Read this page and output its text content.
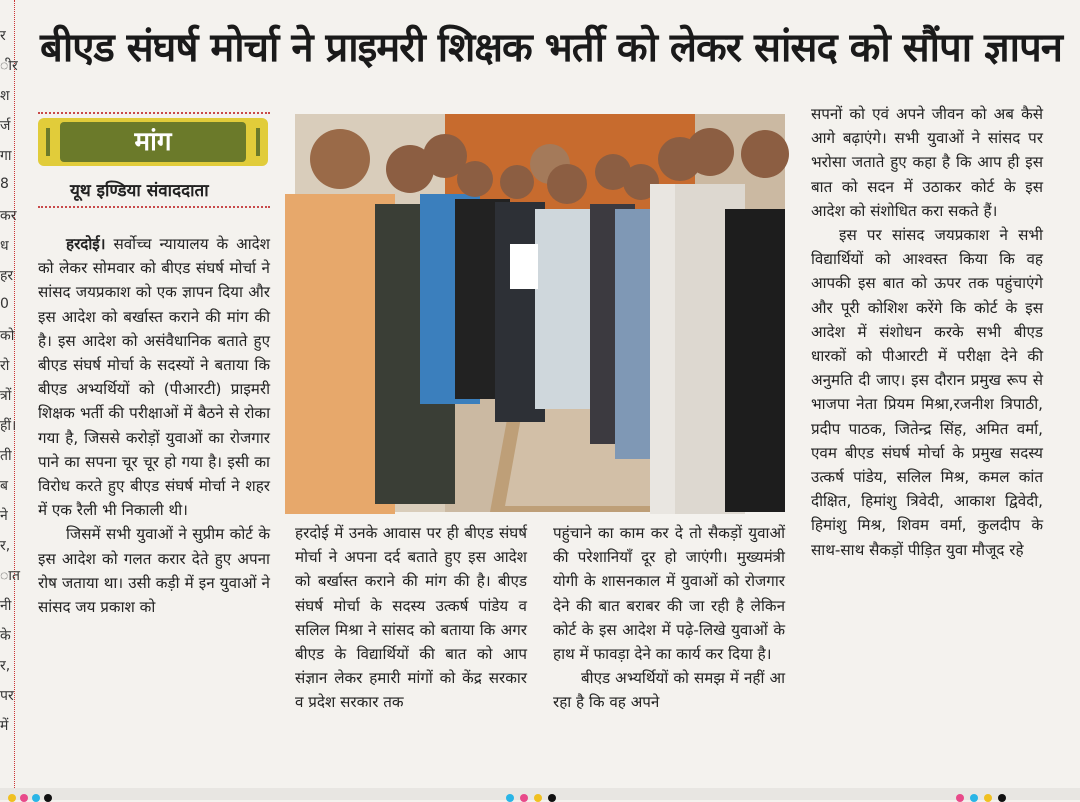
र
ीर
श
र्ज
गा
8
कर
ध
हर
0
को
रो
त्रों
हीं।
ती
ब
ने
र,
ात
नी
के
र,
पर
में
बीएड संघर्ष मोर्चा ने प्राइमरी शिक्षक भर्ती को लेकर सांसद को सौंपा ज्ञापन
मांग
यूथ इण्डिया संवाददाता

हरदोई। सर्वोच्च न्यायालय के आदेश को लेकर सोमवार को बीएड संघर्ष मोर्चा ने सांसद जयप्रकाश को एक ज्ञापन दिया और इस आदेश को बर्खास्त कराने की मांग की है। इस आदेश को असंवैधानिक बताते हुए बीएड संघर्ष मोर्चा के सदस्यों ने बताया कि बीएड अभ्यर्थियों को (पीआरटी) प्राइमरी शिक्षक भर्ती की परीक्षाओं में बैठने से रोका गया है, जिससे करोड़ों युवाओं का रोजगार पाने का सपना चूर चूर हो गया है। इसी का विरोध करते हुए बीएड संघर्ष मोर्चा ने शहर में एक रैली भी निकाली थी।

जिसमें सभी युवाओं ने सुप्रीम कोर्ट के इस आदेश को गलत करार देते हुए अपना रोष जताया था। उसी कड़ी में इन युवाओं ने सांसद जय प्रकाश को

हरदोई में उनके आवास पर ही बीएड संघर्ष मोर्चा ने अपना दर्द बताते हुए इस आदेश को बर्खास्त कराने की मांग की है। बीएड संघर्ष मोर्चा के सदस्य उत्कर्ष पांडेय व सलिल मिश्रा ने सांसद को बताया कि अगर बीएड के विद्यार्थियों की बात को आप संज्ञान लेकर हमारी मांगों को केंद्र सरकार व प्रदेश सरकार तक

पहुंचाने का काम कर दे तो सैकड़ों युवाओं की परेशानियाँ दूर हो जाएंगी। मुख्यमंत्री योगी के शासनकाल में युवाओं को रोजगार देने की बात बराबर की जा रही है लेकिन कोर्ट के इस आदेश में पढ़े-लिखे युवाओं के हाथ में फावड़ा देने का कार्य कर दिया है।

बीएड अभ्यर्थियों को समझ में नहीं आ रहा है कि वह अपने

सपनों को एवं अपने जीवन को अब कैसे आगे बढ़ाएंगे। सभी युवाओं ने सांसद पर भरोसा जताते हुए कहा है कि आप ही इस बात को सदन में उठाकर कोर्ट के इस आदेश को संशोधित करा सकते हैं।

इस पर सांसद जयप्रकाश ने सभी विद्यार्थियों को आश्वस्त किया कि वह आपकी इस बात को ऊपर तक पहुंचाएंगे और पूरी कोशिश करेंगे कि कोर्ट के इस आदेश में संशोधन करके सभी बीएड धारकों को पीआरटी में परीक्षा देने की अनुमति दी जाए। इस दौरान प्रमुख रूप से भाजपा नेता प्रियम मिश्रा,रजनीश त्रिपाठी, प्रदीप पाठक, जितेन्द्र सिंह, अमित वर्मा, एवम बीएड संघर्ष मोर्चा के प्रमुख सदस्य उत्कर्ष पांडेय, सलिल मिश्र, कमल कांत दीक्षित, हिमांशु त्रिवेदी, आकाश द्विवेदी, हिमांशु मिश्र, शिवम वर्मा, कुलदीप के साथ-साथ सैकड़ों पीड़ित युवा मौजूद रहे
